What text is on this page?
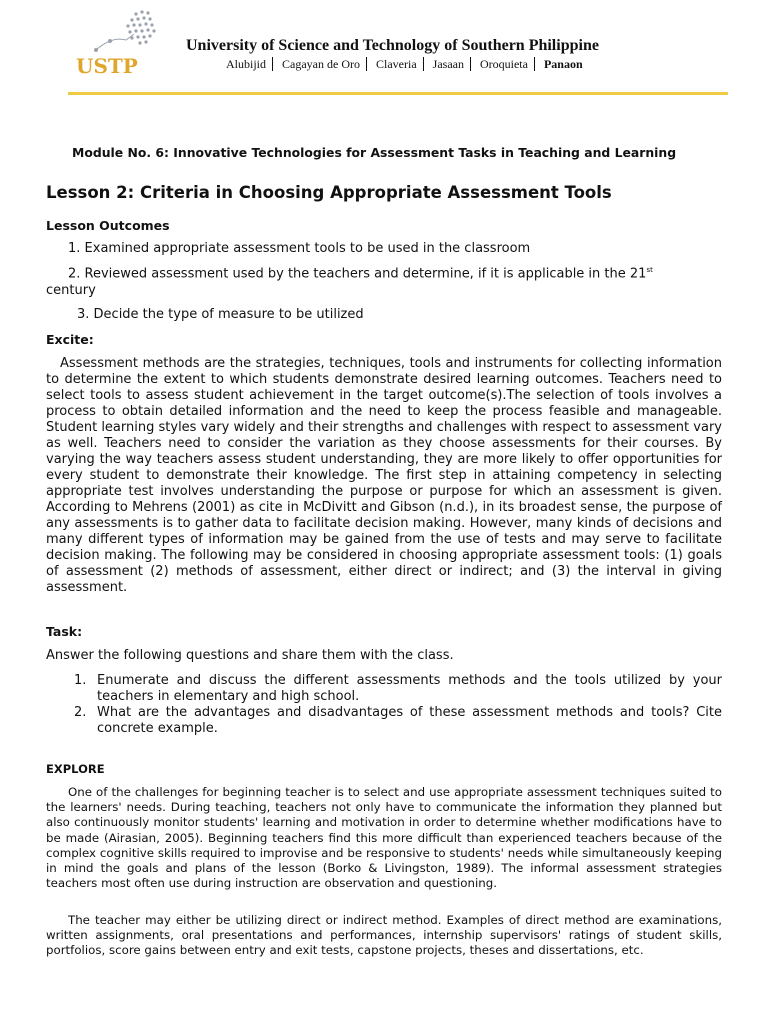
USTP
University of Science and Technology of Southern Philippine
Alubijid Cagayan de Oro Claveria Jasaan Oroquieta Panaon
Module No. 6: Innovative Technologies for Assessment Tasks in Teaching and Learning
Lesson 2: Criteria in Choosing Appropriate Assessment Tools
Lesson Outcomes
1. Examined appropriate assessment tools to be used in the classroom
2. Reviewed assessment used by the teachers and determine, if it is applicable in the 21st
century
3. Decide the type of measure to be utilized
Excite:
Assessment methods are the strategies, techniques, tools and instruments for collecting information to determine the extent to which students demonstrate desired learning outcomes. Teachers need to select tools to assess student achievement in the target outcome(s).The selection of tools involves a process to obtain detailed information and the need to keep the process feasible and manageable. Student learning styles vary widely and their strengths and challenges with respect to assessment vary as well. Teachers need to consider the variation as they choose assessments for their courses. By varying the way teachers assess student understanding, they are more likely to offer opportunities for every student to demonstrate their knowledge. The first step in attaining competency in selecting appropriate test involves understanding the purpose or purpose for which an assessment is given. According to Mehrens (2001) as cite in McDivitt and Gibson (n.d.), in its broadest sense, the purpose of any assessments is to gather data to facilitate decision making. However, many kinds of decisions and many different types of information may be gained from the use of tests and may serve to facilitate decision making. The following may be considered in choosing appropriate assessment tools: (1) goals of assessment (2) methods of assessment, either direct or indirect; and (3) the interval in giving assessment.
Task:
Answer the following questions and share them with the class.
1. Enumerate and discuss the different assessments methods and the tools utilized by your teachers in elementary and high school.
2. What are the advantages and disadvantages of these assessment methods and tools? Cite concrete example.
EXPLORE
One of the challenges for beginning teacher is to select and use appropriate assessment techniques suited to the learners' needs. During teaching, teachers not only have to communicate the information they planned but also continuously monitor students' learning and motivation in order to determine whether modifications have to be made (Airasian, 2005). Beginning teachers find this more difficult than experienced teachers because of the complex cognitive skills required to improvise and be responsive to students' needs while simultaneously keeping in mind the goals and plans of the lesson (Borko & Livingston, 1989). The informal assessment strategies teachers most often use during instruction are observation and questioning.
The teacher may either be utilizing direct or indirect method. Examples of direct method are examinations, written assignments, oral presentations and performances, internship supervisors' ratings of student skills, portfolios, score gains between entry and exit tests, capstone projects, theses and dissertations, etc.
